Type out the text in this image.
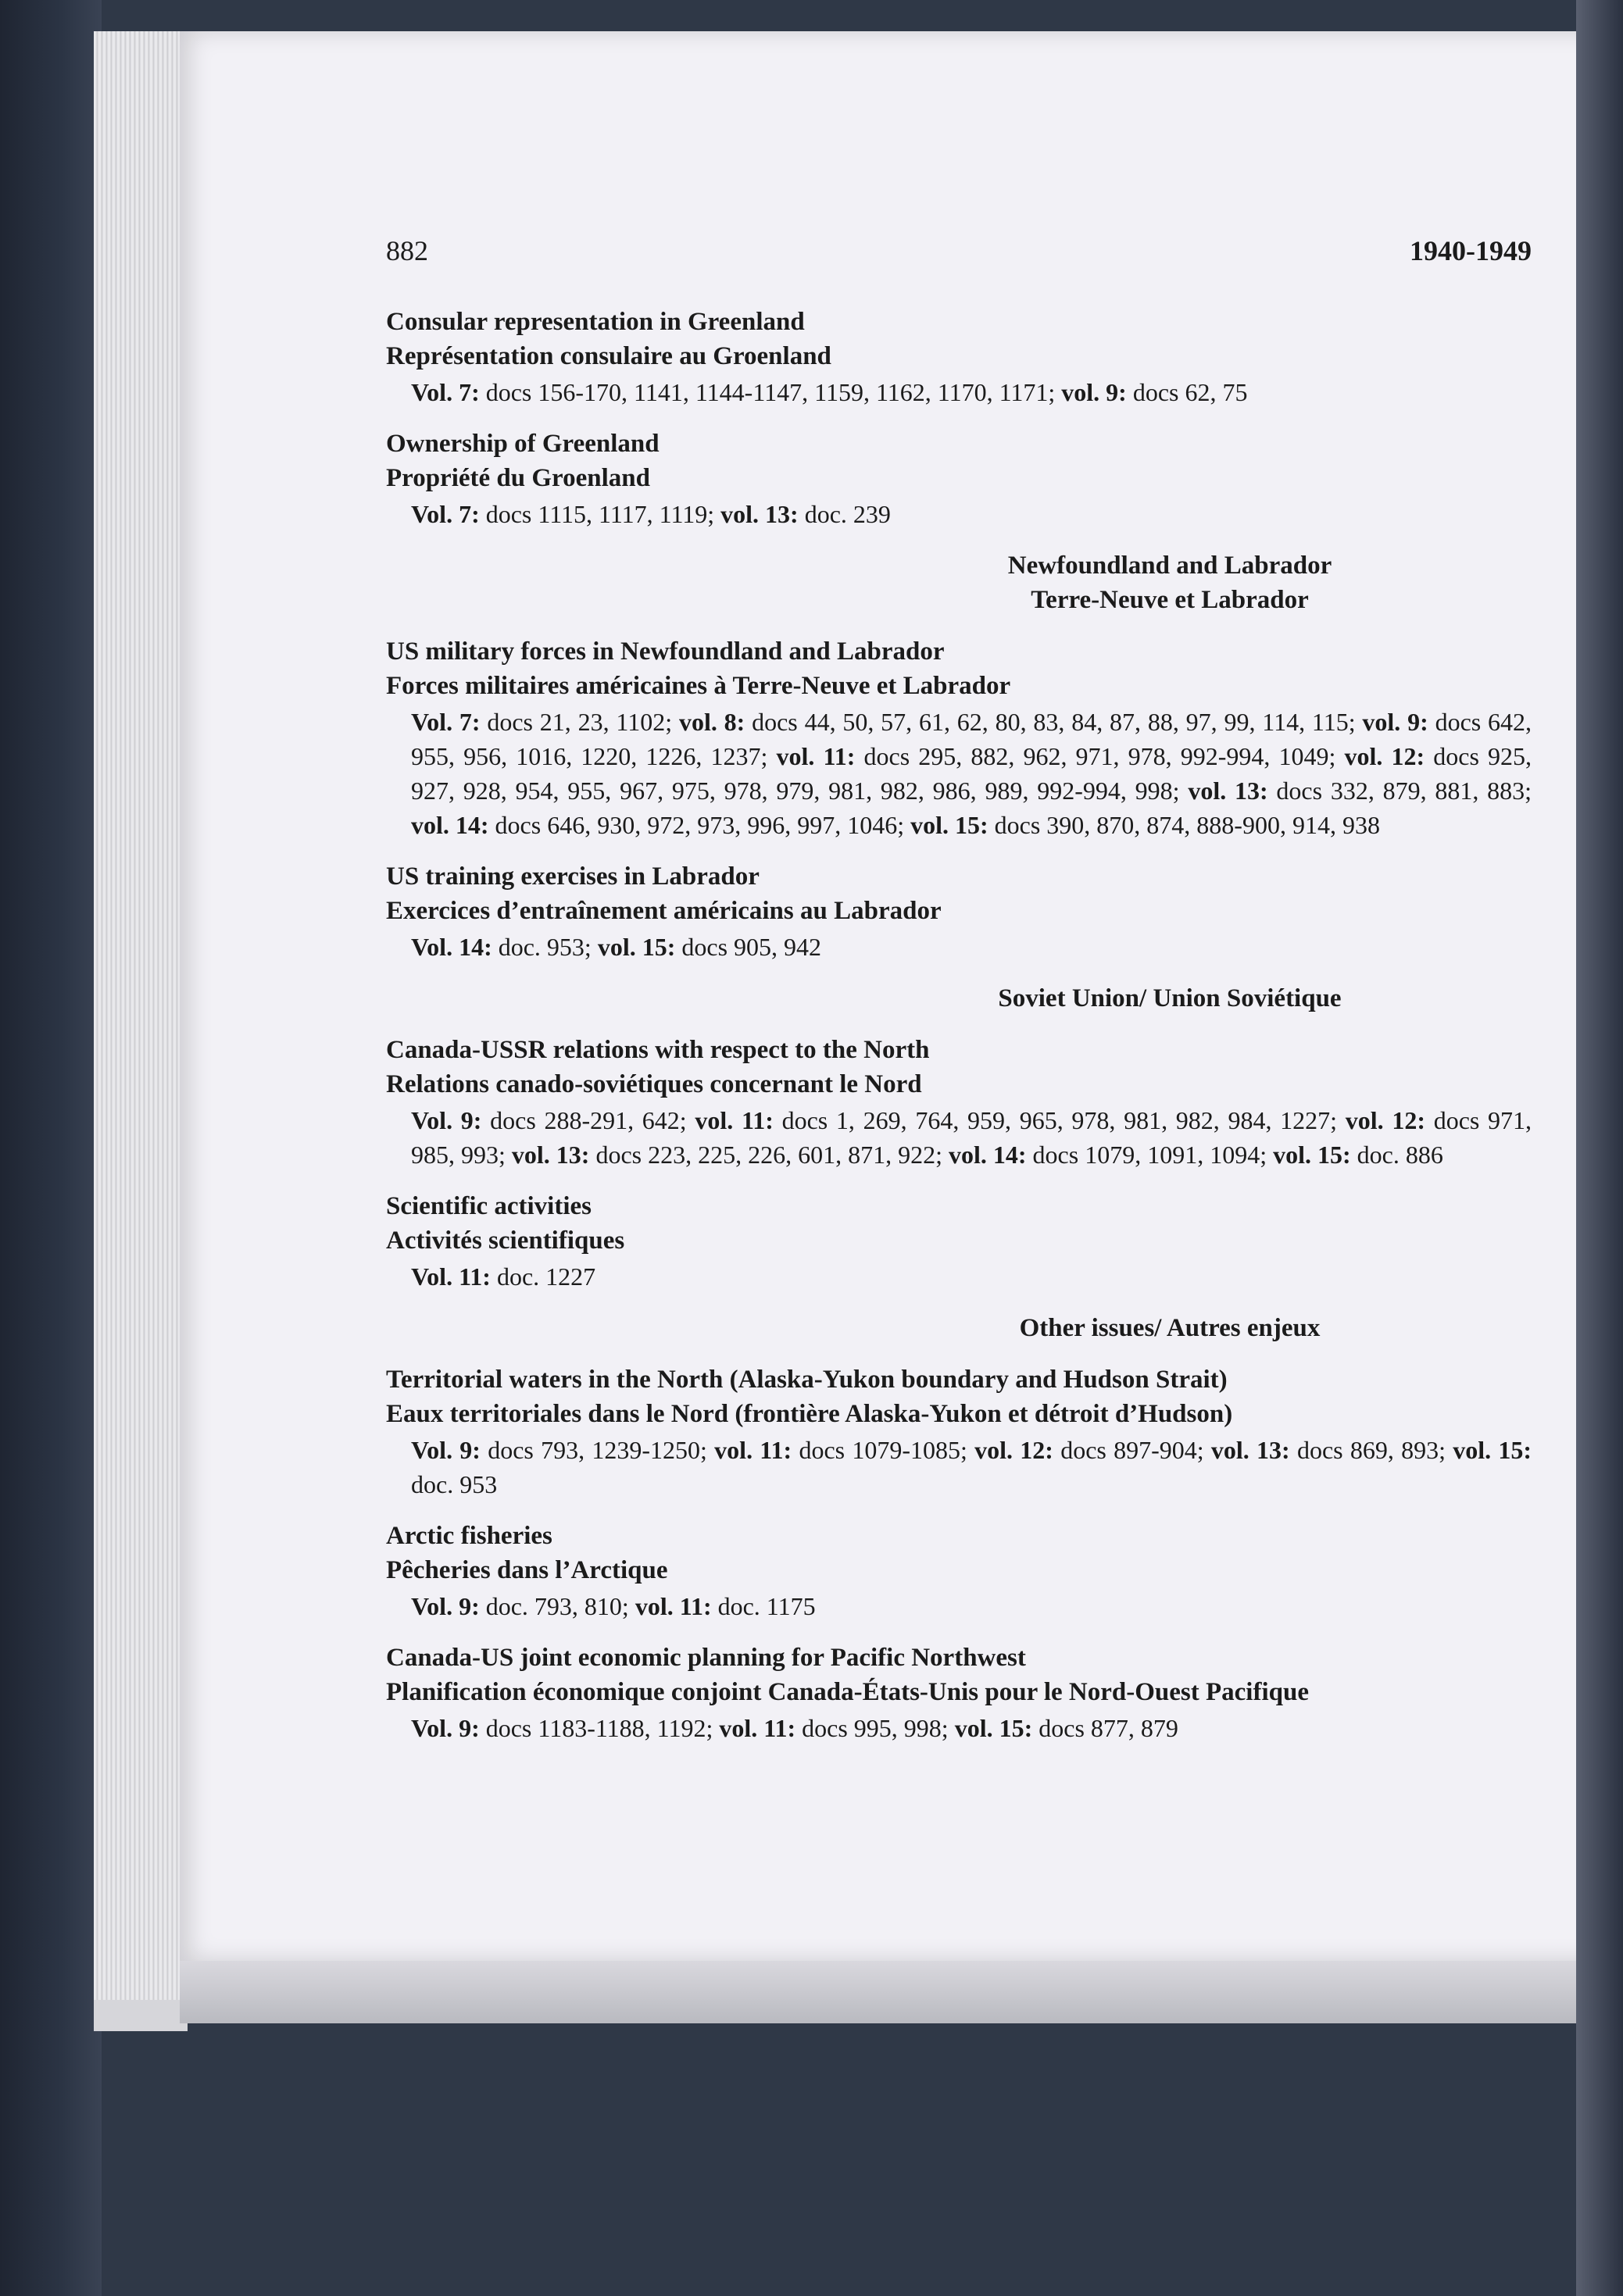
882	1940-1949
Consular representation in Greenland
Représentation consulaire au Groenland
Vol. 7: docs 156-170, 1141, 1144-1147, 1159, 1162, 1170, 1171; vol. 9: docs 62, 75
Ownership of Greenland
Propriété du Groenland
Vol. 7: docs 1115, 1117, 1119; vol. 13: doc. 239
Newfoundland and Labrador
Terre-Neuve et Labrador
US military forces in Newfoundland and Labrador
Forces militaires américaines à Terre-Neuve et Labrador
Vol. 7: docs 21, 23, 1102; vol. 8: docs 44, 50, 57, 61, 62, 80, 83, 84, 87, 88, 97, 99, 114, 115; vol. 9: docs 642, 955, 956, 1016, 1220, 1226, 1237; vol. 11: docs 295, 882, 962, 971, 978, 992-994, 1049; vol. 12: docs 925, 927, 928, 954, 955, 967, 975, 978, 979, 981, 982, 986, 989, 992-994, 998; vol. 13: docs 332, 879, 881, 883; vol. 14: docs 646, 930, 972, 973, 996, 997, 1046; vol. 15: docs 390, 870, 874, 888-900, 914, 938
US training exercises in Labrador
Exercices d’entraînement américains au Labrador
Vol. 14: doc. 953; vol. 15: docs 905, 942
Soviet Union/ Union Soviétique
Canada-USSR relations with respect to the North
Relations canado-soviétiques concernant le Nord
Vol. 9: docs 288-291, 642; vol. 11: docs 1, 269, 764, 959, 965, 978, 981, 982, 984, 1227; vol. 12: docs 971, 985, 993; vol. 13: docs 223, 225, 226, 601, 871, 922; vol. 14: docs 1079, 1091, 1094; vol. 15: doc. 886
Scientific activities
Activités scientifiques
Vol. 11: doc. 1227
Other issues/ Autres enjeux
Territorial waters in the North (Alaska-Yukon boundary and Hudson Strait)
Eaux territoriales dans le Nord (frontière Alaska-Yukon et détroit d’Hudson)
Vol. 9: docs 793, 1239-1250; vol. 11: docs 1079-1085; vol. 12: docs 897-904; vol. 13: docs 869, 893; vol. 15: doc. 953
Arctic fisheries
Pêcheries dans l’Arctique
Vol. 9: doc. 793, 810; vol. 11: doc. 1175
Canada-US joint economic planning for Pacific Northwest
Planification économique conjoint Canada-États-Unis pour le Nord-Ouest Pacifique
Vol. 9: docs 1183-1188, 1192; vol. 11: docs 995, 998; vol. 15: docs 877, 879
